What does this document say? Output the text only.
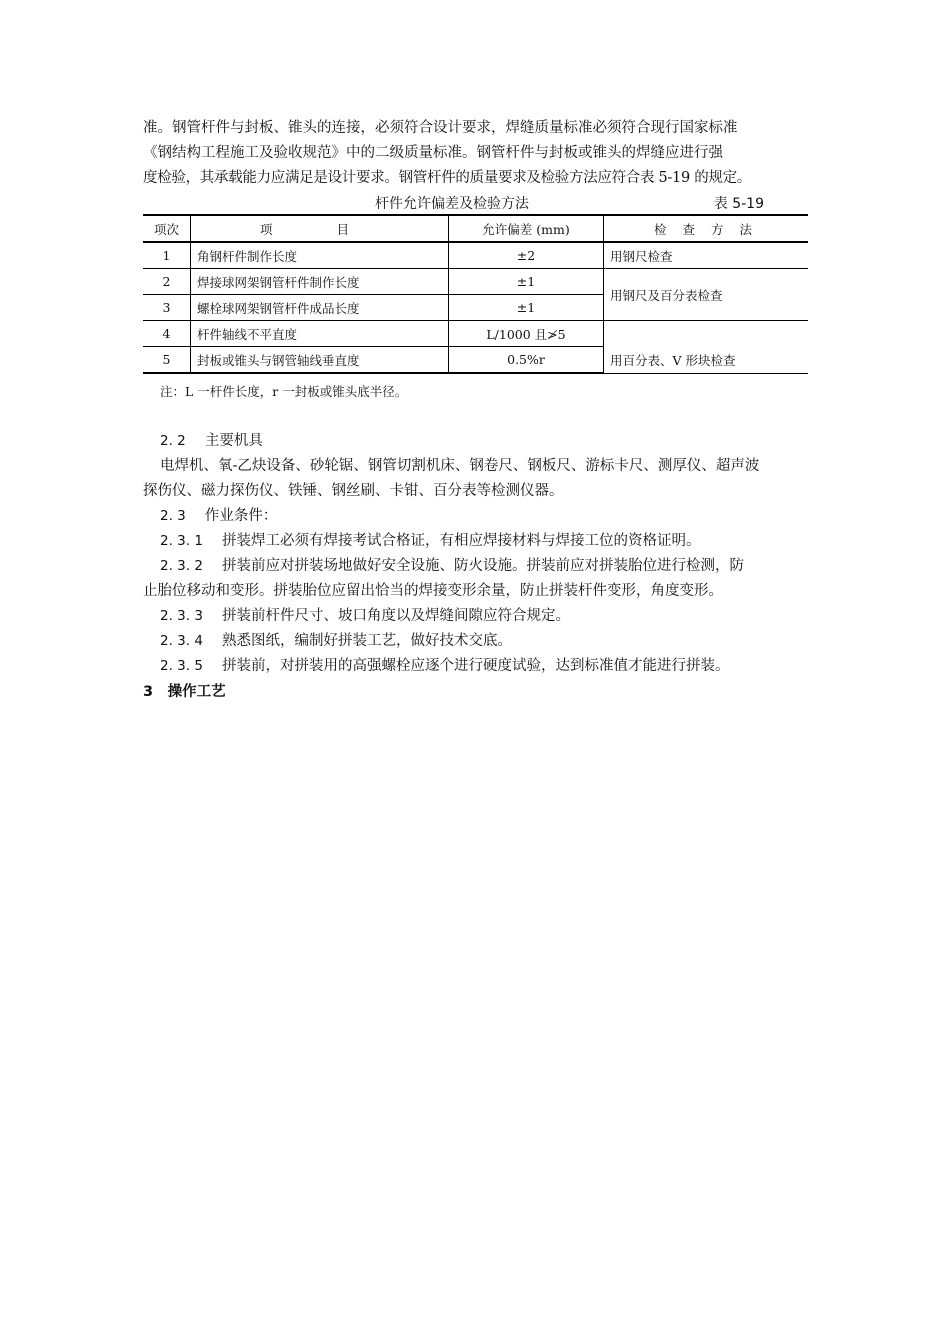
准。钢管杆件与封板、锥头的连接，必须符合设计要求，焊缝质量标准必须符合现行国家标准
《钢结构工程施工及验收规范》中的二级质量标准。钢管杆件与封板或锥头的焊缝应进行强
度检验，其承载能力应满足是设计要求。钢管杆件的质量要求及检验方法应符合表 5-19 的规定。
杆件允许偏差及检验方法	表 5-19
项次	项 目	允许偏差 (mm)	检 查 方 法
1	角钢杆件制作长度	±2	用钢尺检查
2	焊接球网架钢管杆件制作长度	±1	用钢尺及百分表检查
3	螺栓球网架钢管杆件成品长度	±1	
4	杆件轴线不平直度	L/1000 且≯5	用百分表、V 形块检查
5	封板或锥头与钢管轴线垂直度	0.5%r	
注：L 一杆件长度，r 一封板或锥头底半径。
2. 2　 主要机具
电焊机、氧-乙炔设备、砂轮锯、钢管切割机床、钢卷尺、钢板尺、游标卡尺、测厚仪、超声波
探伤仪、磁力探伤仪、铁锤、钢丝刷、卡钳、百分表等检测仪器。
2. 3　 作业条件：
2. 3. 1　 拼装焊工必须有焊接考试合格证，有相应焊接材料与焊接工位的资格证明。
2. 3. 2　 拼装前应对拼装场地做好安全设施、防火设施。拼装前应对拼装胎位进行检测，防
止胎位移动和变形。拼装胎位应留出恰当的焊接变形余量，防止拼装杆件变形，角度变形。
2. 3. 3　 拼装前杆件尺寸、坡口角度以及焊缝间隙应符合规定。
2. 3. 4　 熟悉图纸，编制好拼装工艺，做好技术交底。
2. 3. 5　 拼装前，对拼装用的高强螺栓应逐个进行硬度试验，达到标准值才能进行拼装。
3　操作工艺
